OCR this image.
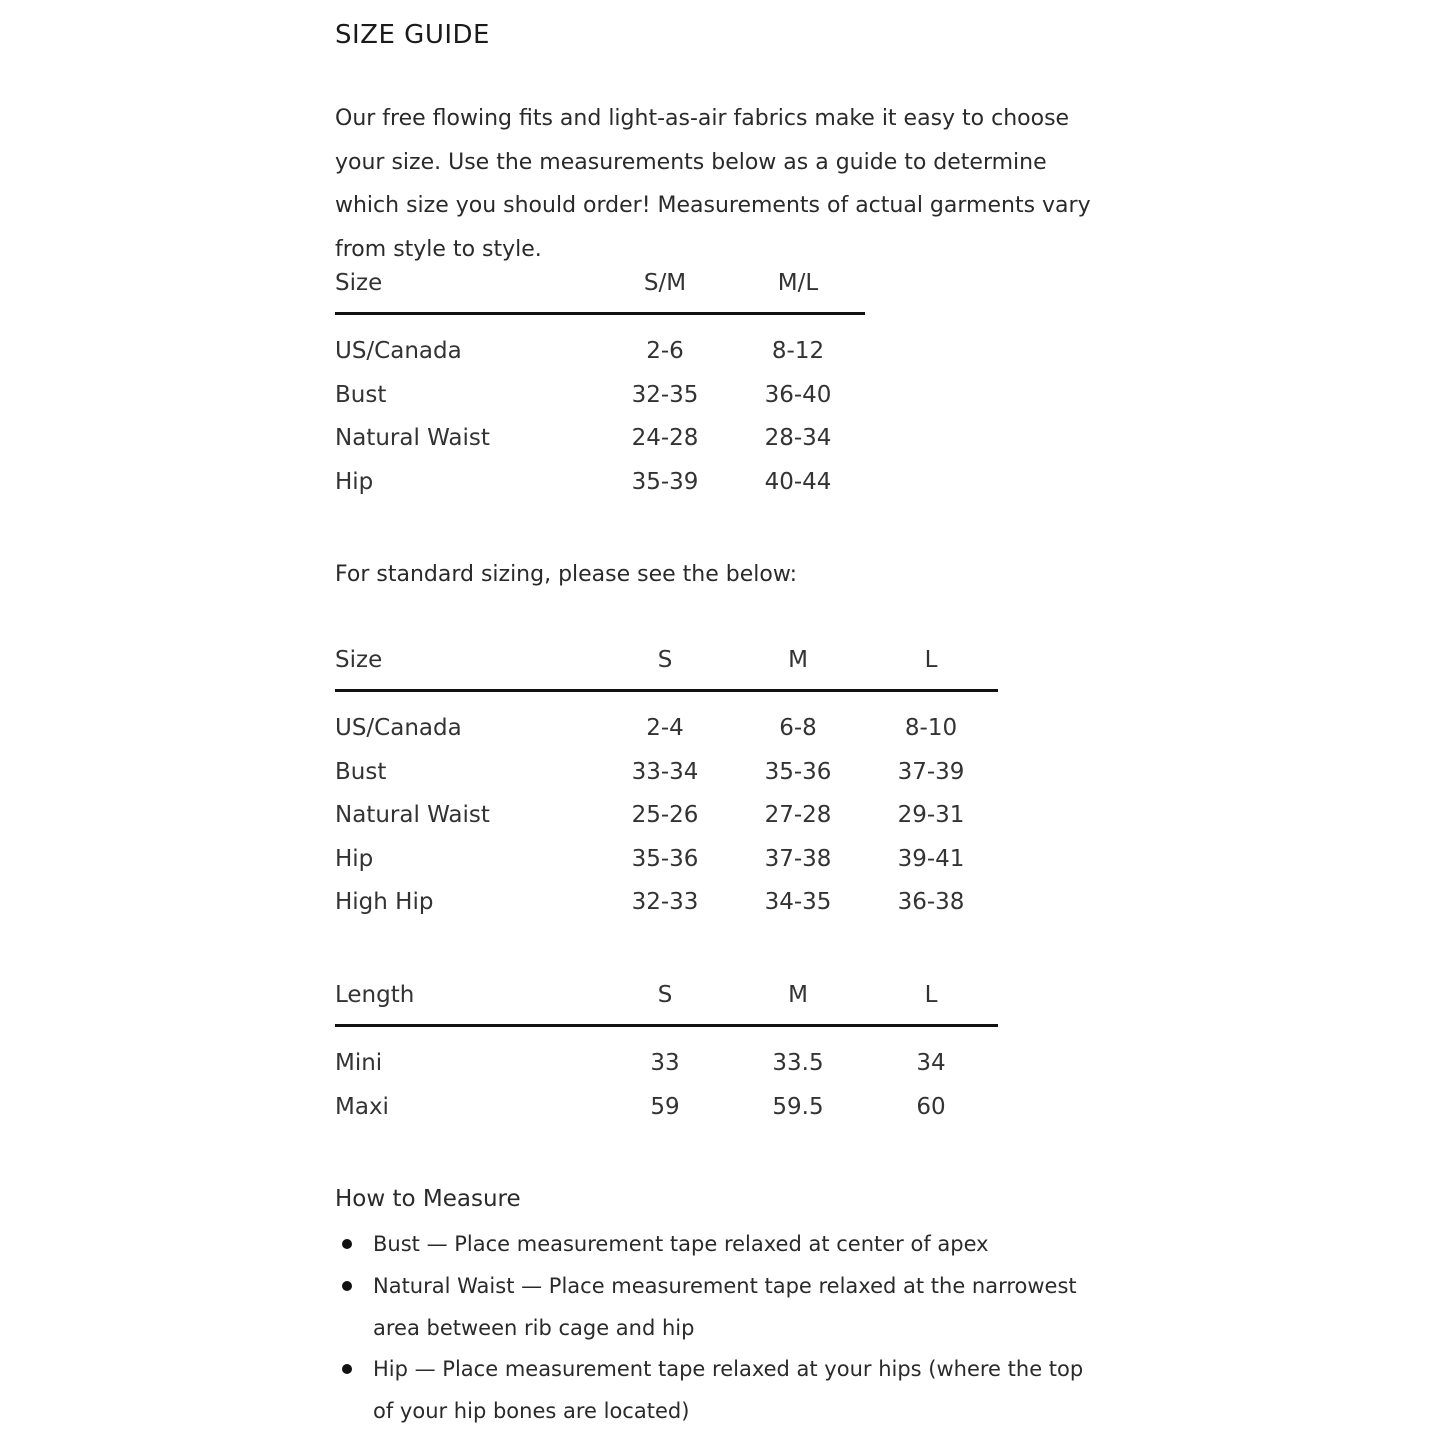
SIZE GUIDE

Our free flowing fits and light-as-air fabrics make it easy to choose your size. Use the measurements below as a guide to determine which size you should order! Measurements of actual garments vary from style to style.

Size	S/M	M/L
US/Canada	2-6	8-12
Bust	32-35	36-40
Natural Waist	24-28	28-34
Hip	35-39	40-44

For standard sizing, please see the below:

Size	S	M	L
US/Canada	2-4	6-8	8-10
Bust	33-34	35-36	37-39
Natural Waist	25-26	27-28	29-31
Hip	35-36	37-38	39-41
High Hip	32-33	34-35	36-38
Length	S	M	L
Mini	33	33.5	34
Maxi	59	59.5	60
How to Measure
Bust — Place measurement tape relaxed at center of apex
Natural Waist — Place measurement tape relaxed at the narrowest area between rib cage and hip
Hip — Place measurement tape relaxed at your hips (where the top of your hip bones are located)
